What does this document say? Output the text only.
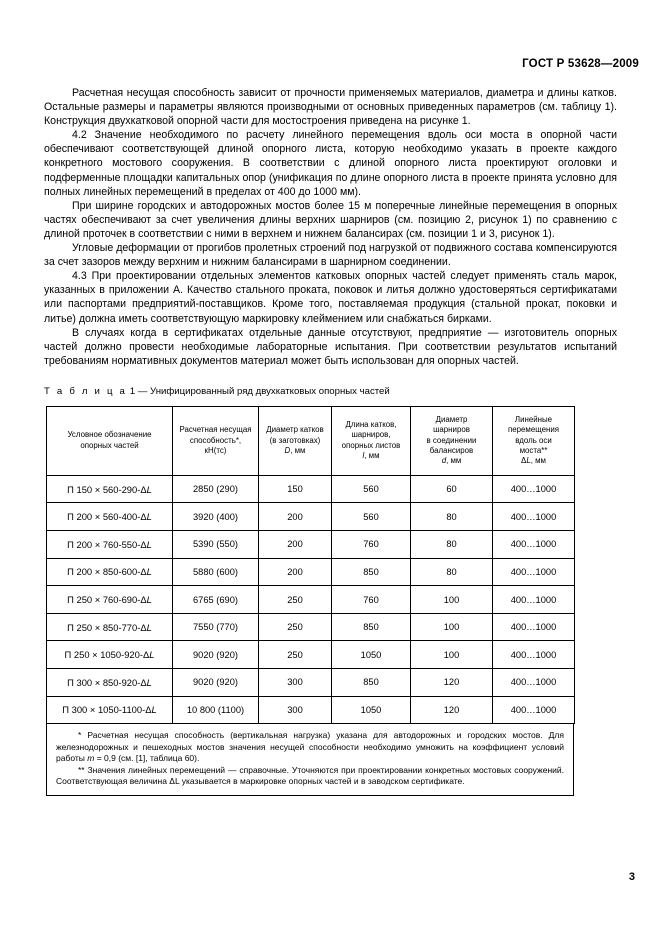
ГОСТ Р 53628—2009

Расчетная несущая способность зависит от прочности применяемых материалов, диаметра и длины катков. Остальные размеры и параметры являются производными от основных приведенных параметров (см. таблицу 1). Конструкция двухкатковой опорной части для мостостроения приведена на рисунке 1.

4.2 Значение необходимого по расчету линейного перемещения вдоль оси моста в опорной части обеспечивают соответствующей длиной опорного листа, которую необходимо указать в проекте каждого конкретного мостового сооружения. В соответствии с длиной опорного листа проектируют оголовки и подферменные площадки капитальных опор (унификация по длине опорного листа в проекте принята условно для полных линейных перемещений в пределах от 400 до 1000 мм).

При ширине городских и автодорожных мостов более 15 м поперечные линейные перемещения в опорных частях обеспечивают за счет увеличения длины верхних шарниров (см. позицию 2, рисунок 1) по сравнению с длиной проточек в соответствии с ними в верхнем и нижнем балансирах (см. позиции 1 и 3, рисунок 1).

Угловые деформации от прогибов пролетных строений под нагрузкой от подвижного состава компенсируются за счет зазоров между верхним и нижним балансирами в шарнирном соединении.

4.3 При проектировании отдельных элементов катковых опорных частей следует применять сталь марок, указанных в приложении А. Качество стального проката, поковок и литья должно удостоверяться сертификатами или паспортами предприятий-поставщиков. Кроме того, поставляемая продукция (стальной прокат, поковки и литье) должна иметь соответствующую маркировку клеймением или снабжаться бирками.

В случаях когда в сертификатах отдельные данные отсутствуют, предприятие — изготовитель опорных частей должно провести необходимые лабораторные испытания. При соответствии результатов испытаний требованиям нормативных документов материал может быть использован для опорных частей.

Т а б л и ц а 1 — Унифицированный ряд двухкатковых опорных частей

Условное обозначение
опорных частей	Расчетная несущая
способность*,
кН(тс)	Диаметр катков
(в заготовках)
D, мм	Длина катков,
шарниров,
опорных листов
l, мм	Диаметр
шарниров
в соединении
балансиров
d, мм	Линейные
перемещения
вдоль оси
моста**
ΔL, мм
П 150 × 560-290-ΔL	2850 (290)	150	560	60	400…1000
П 200 × 560-400-ΔL	3920 (400)	200	560	80	400…1000
П 200 × 760-550-ΔL	5390 (550)	200	760	80	400…1000
П 200 × 850-600-ΔL	5880 (600)	200	850	80	400…1000
П 250 × 760-690-ΔL	6765 (690)	250	760	100	400…1000
П 250 × 850-770-ΔL	7550 (770)	250	850	100	400…1000
П 250 × 1050-920-ΔL	9020 (920)	250	1050	100	400…1000
П 300 × 850-920-ΔL	9020 (920)	300	850	120	400…1000
П 300 × 1050-1100-ΔL	10 800 (1100)	300	1050	120	400…1000

* Расчетная несущая способность (вертикальная нагрузка) указана для автодорожных и городских мостов. Для железнодорожных и пешеходных мостов значения несущей способности необходимо умножить на коэффициент условий работы m = 0,9 (см. [1], таблица 60).

** Значения линейных перемещений — справочные. Уточняются при проектировании конкретных мостовых сооружений. Соответствующая величина ΔL указывается в маркировке опорных частей и в заводском сертификате.

3
